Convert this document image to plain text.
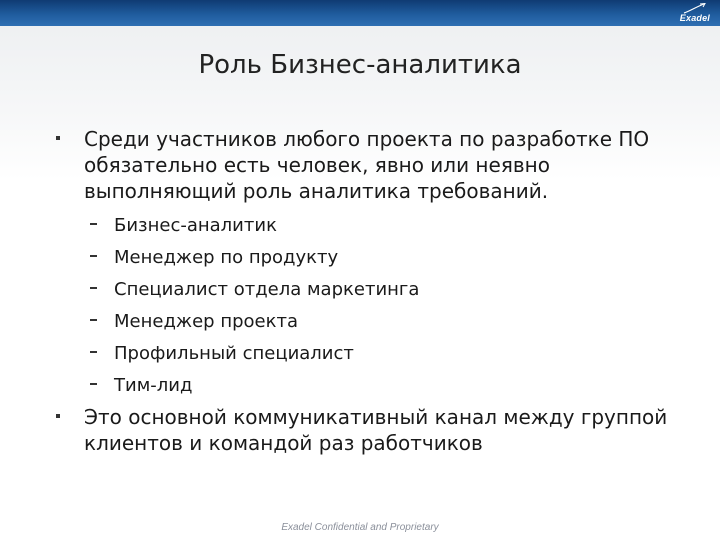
Exadel
Роль Бизнес-аналитика
Среди участников любого проекта по разработке ПО обязательно есть человек, явно или неявно выполняющий роль аналитика требований.
Бизнес-аналитик
Менеджер по продукту
Специалист отдела маркетинга
Менеджер проекта
Профильный специалист
Тим-лид
Это основной коммуникативный канал между группой клиентов и командой раз работчиков
Exadel Confidential and Proprietary
